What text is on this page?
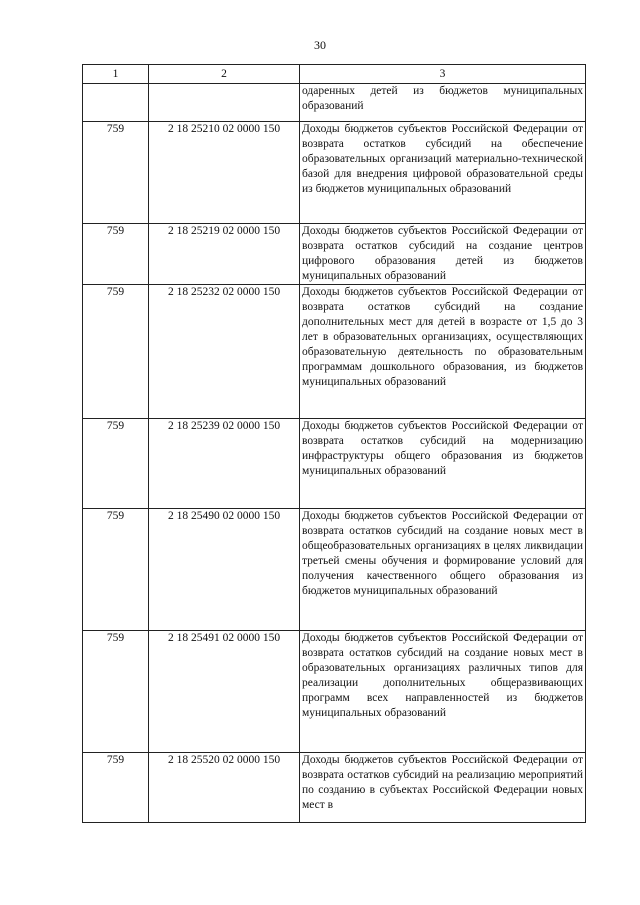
30
1	2	3
		одаренных детей из бюджетов муниципальных образований
759	2 18 25210 02 0000 150	Доходы бюджетов субъектов Российской Федерации от возврата остатков субсидий на обеспечение образовательных организаций материально-технической базой для внедрения цифровой образовательной среды из бюджетов муниципальных образований
759	2 18 25219 02 0000 150	Доходы бюджетов субъектов Российской Федерации от возврата остатков субсидий на создание центров цифрового образования детей из бюджетов муниципальных образований
759	2 18 25232 02 0000 150	Доходы бюджетов субъектов Российской Федерации от возврата остатков субсидий на создание дополнительных мест для детей в возрасте от 1,5 до 3 лет в образовательных организациях, осуществляющих образовательную деятельность по образовательным программам дошкольного образования, из бюджетов муниципальных образований
759	2 18 25239 02 0000 150	Доходы бюджетов субъектов Российской Федерации от возврата остатков субсидий на модернизацию инфраструктуры общего образования из бюджетов муниципальных образований
759	2 18 25490 02 0000 150	Доходы бюджетов субъектов Российской Федерации от возврата остатков субсидий на создание новых мест в общеобразовательных организациях в целях ликвидации третьей смены обучения и формирование условий для получения качественного общего образования из бюджетов муниципальных образований
759	2 18 25491 02 0000 150	Доходы бюджетов субъектов Российской Федерации от возврата остатков субсидий на создание новых мест в образовательных организациях различных типов для реализации дополнительных общеразвивающих программ всех направленностей из бюджетов муниципальных образований
759	2 18 25520 02 0000 150	Доходы бюджетов субъектов Российской Федерации от возврата остатков субсидий на реализацию мероприятий по созданию в субъектах Российской Федерации новых мест в
